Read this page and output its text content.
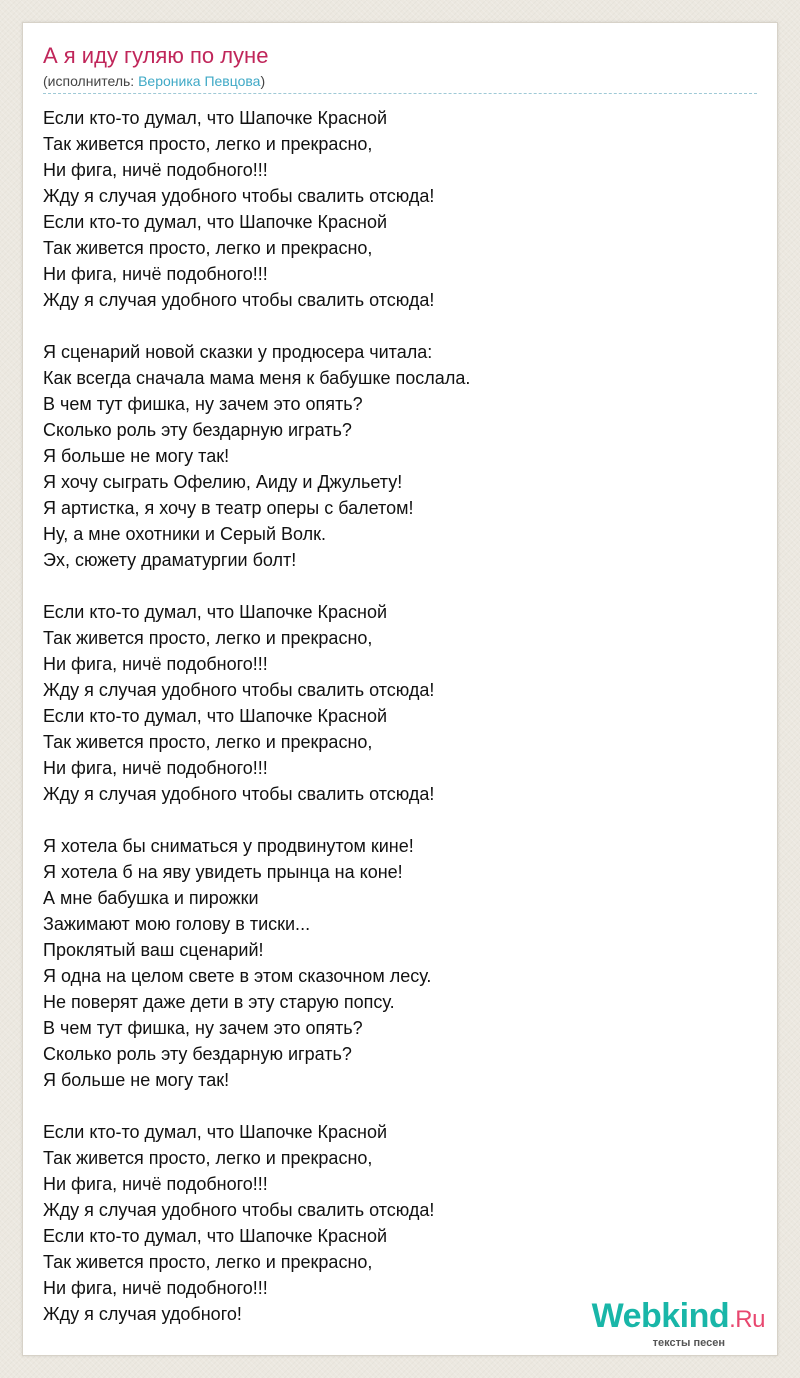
А я иду гуляю по луне
(исполнитель: Вероника Певцова)
Если кто-то думал, что Шапочке Красной
Так живется просто, легко и прекрасно,
Ни фига, ничё подобного!!!
Жду я случая удобного чтобы свалить отсюда!
Если кто-то думал, что Шапочке Красной
Так живется просто, легко и прекрасно,
Ни фига, ничё подобного!!!
Жду я случая удобного чтобы свалить отсюда!
Я сценарий новой сказки у продюсера читала:
Как всегда сначала мама меня к бабушке послала.
В чем тут фишка, ну зачем это опять?
Сколько роль эту бездарную играть?
Я больше не могу так!
Я хочу сыграть Офелию, Аиду и Джульету!
Я артистка, я хочу в театр оперы с балетом!
Ну, а мне охотники и Серый Волк.
Эх, сюжету драматургии болт!
Если кто-то думал, что Шапочке Красной
Так живется просто, легко и прекрасно,
Ни фига, ничё подобного!!!
Жду я случая удобного чтобы свалить отсюда!
Если кто-то думал, что Шапочке Красной
Так живется просто, легко и прекрасно,
Ни фига, ничё подобного!!!
Жду я случая удобного чтобы свалить отсюда!
Я хотела бы сниматься у продвинутом кине!
Я хотела б на яву увидеть прынца на коне!
А мне бабушка и пирожки
Зажимают мою голову в тиски...
Проклятый ваш сценарий!
Я одна на целом свете в этом сказочном лесу.
Не поверят даже дети в эту старую попсу.
В чем тут фишка, ну зачем это опять?
Сколько роль эту бездарную играть?
Я больше не могу так!
Если кто-то думал, что Шапочке Красной
Так живется просто, легко и прекрасно,
Ни фига, ничё подобного!!!
Жду я случая удобного чтобы свалить отсюда!
Если кто-то думал, что Шапочке Красной
Так живется просто, легко и прекрасно,
Ни фига, ничё подобного!!!
Жду я случая удобного!	Webkind.Ru
тексты песен
